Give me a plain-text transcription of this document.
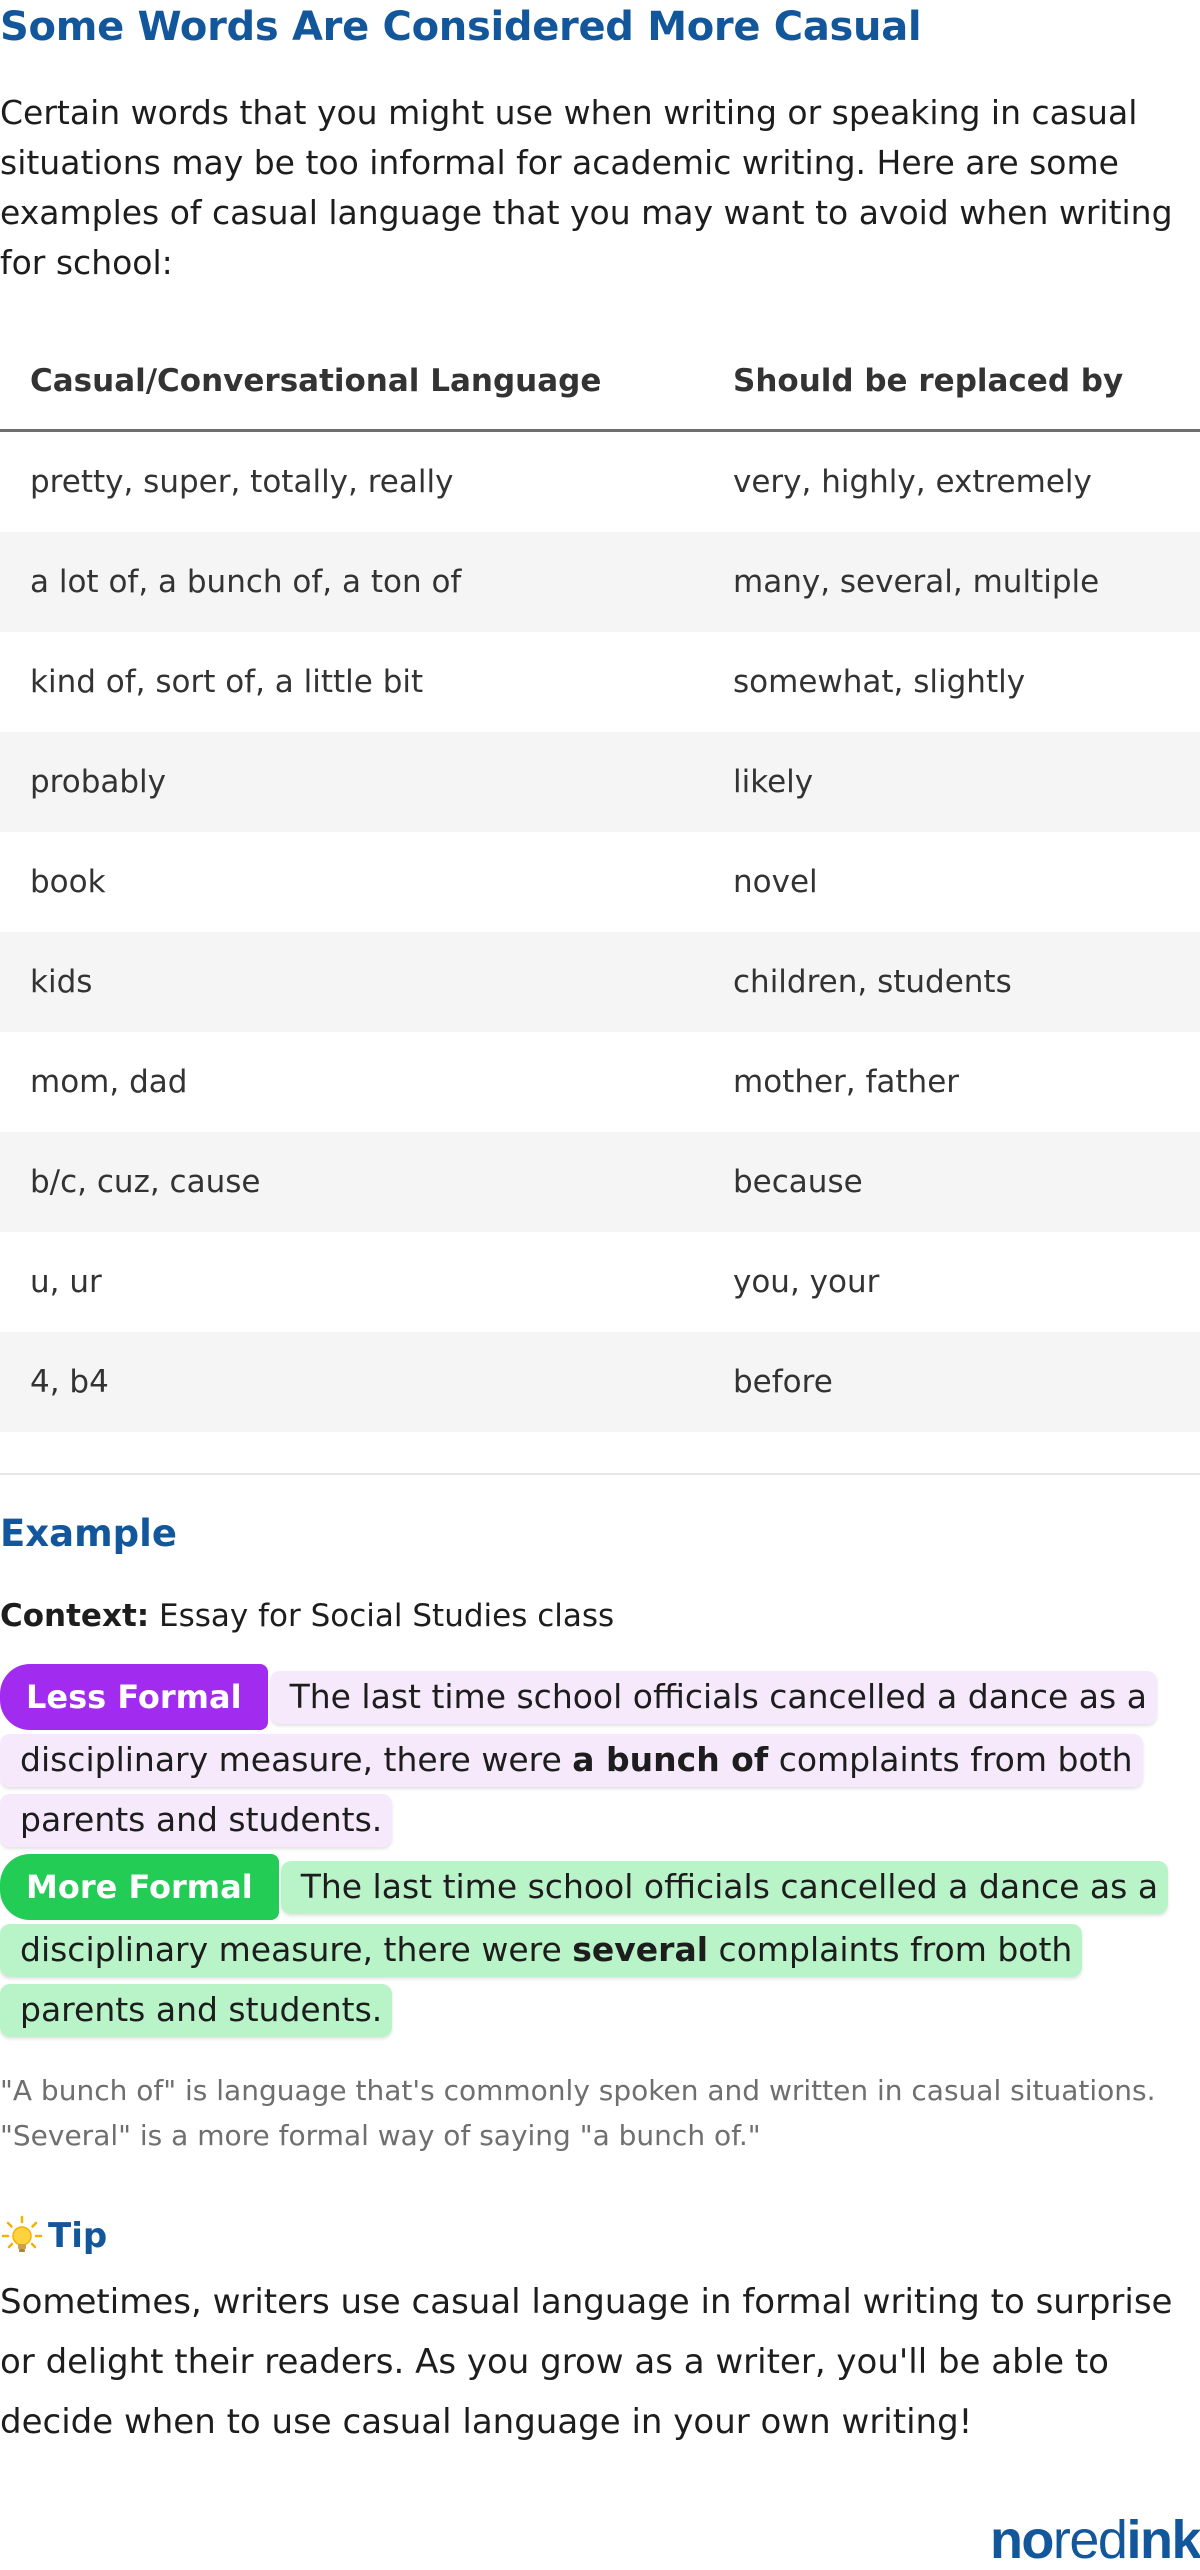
Some Words Are Considered More Casual

Certain words that you might use when writing or speaking in casual situations may be too informal for academic writing. Here are some examples of casual language that you may want to avoid when writing for school:

Casual/Conversational Language	Should be replaced by
pretty, super, totally, really	very, highly, extremely
a lot of, a bunch of, a ton of	many, several, multiple
kind of, sort of, a little bit	somewhat, slightly
probably	likely
book	novel
kids	children, students
mom, dad	mother, father
b/c, cuz, cause	because
u, ur	you, your
4, b4	before
Example

Context: Essay for Social Studies class

Less Formal The last time school officials cancelled a dance as a disciplinary measure, there were a bunch of complaints from both parents and students.

More Formal The last time school officials cancelled a dance as a disciplinary measure, there were several complaints from both parents and students.

"A bunch of" is language that's commonly spoken and written in casual situations. "Several" is a more formal way of saying "a bunch of."

Tip

Sometimes, writers use casual language in formal writing to surprise or delight their readers. As you grow as a writer, you'll be able to decide when to use casual language in your own writing!

noredink
